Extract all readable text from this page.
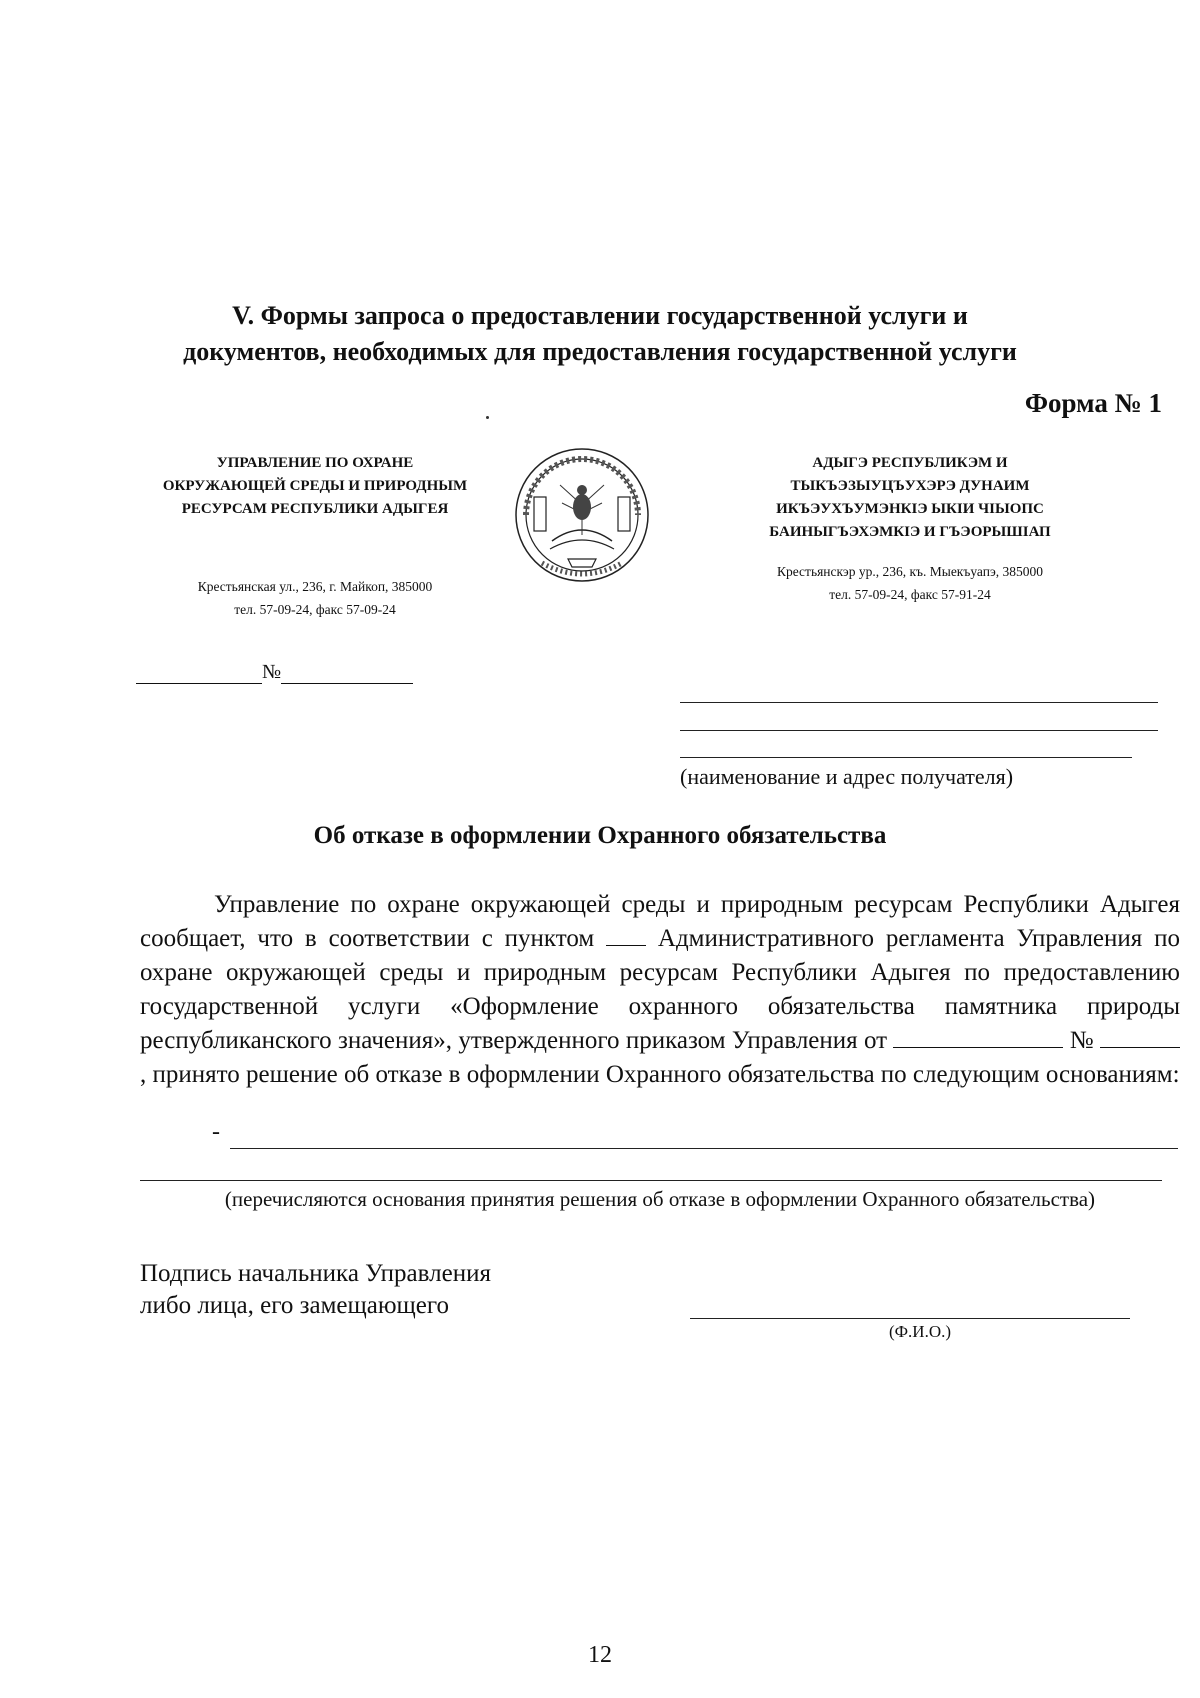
V. Формы запроса о предоставлении государственной услуги и
документов, необходимых для предоставления государственной услуги
Форма № 1
УПРАВЛЕНИЕ ПО ОХРАНЕ
ОКРУЖАЮЩЕЙ СРЕДЫ И ПРИРОДНЫМ
РЕСУРСАМ РЕСПУБЛИКИ АДЫГЕЯ
Крестьянская ул., 236, г. Майкоп, 385000
тел. 57-09-24, факс 57-09-24
АДЫГЭ РЕСПУБЛИКЭМ И
ТЫКЪЭЗЫУЦЪУХЭРЭ ДУНАИМ
ИКЪЭУХЪУМЭНКIЭ ЫКIИ ЧIЫОПС
БАИНЫГЪЭХЭМКIЭ И ГЪЭОРЫШIАП
Крестьянскэр ур., 236, къ. Мыекъуапэ, 385000
тел. 57-09-24, факс 57-91-24
№
(наименование и адрес получателя)
Об отказе в оформлении Охранного обязательства
Управление по охране окружающей среды и природным ресурсам Республики Адыгея сообщает, что в соответствии с пунктом	Административного регламента Управления по охране окружающей среды и природным ресурсам Республики Адыгея по предоставлению государственной услуги «Оформление охранного обязательства памятника природы республиканского значения», утвержденного приказом Управления от	№ , принято решение об отказе в оформлении Охранного обязательства по следующим основаниям:
-
(перечисляются основания принятия решения об отказе в оформлении Охранного обязательства)
Подпись начальника Управления
либо лица, его замещающего
(Ф.И.О.)
12
